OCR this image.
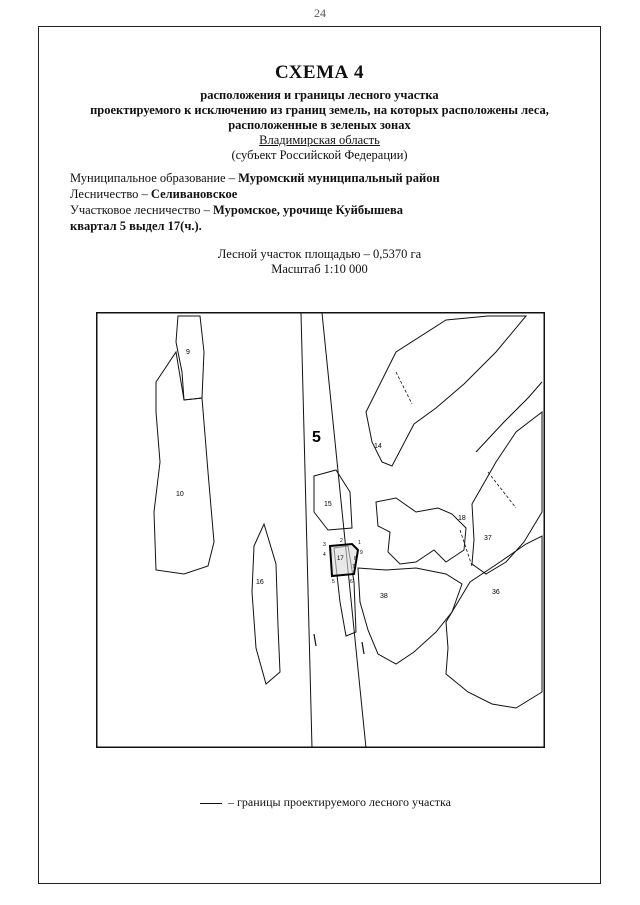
24
СХЕМА 4
расположения и границы лесного участка
проектируемого к исключению из границ земель, на которых расположены леса,
расположенные в зеленых зонах
Владимирская область
(субъект Российской Федерации)
Муниципальное образование – Муромский муниципальный район
Лесничество – Селивановское
Участковое лесничество – Муромское, урочище Куйбышева
квартал 5 выдел 17(ч.).
Лесной участок площадью – 0,5370 га
Масштаб 1:10 000
5
9
10
14
15
16
17
18
37
36
38
1
2
3
4
5	6
7
8
9
– границы проектируемого лесного участка
